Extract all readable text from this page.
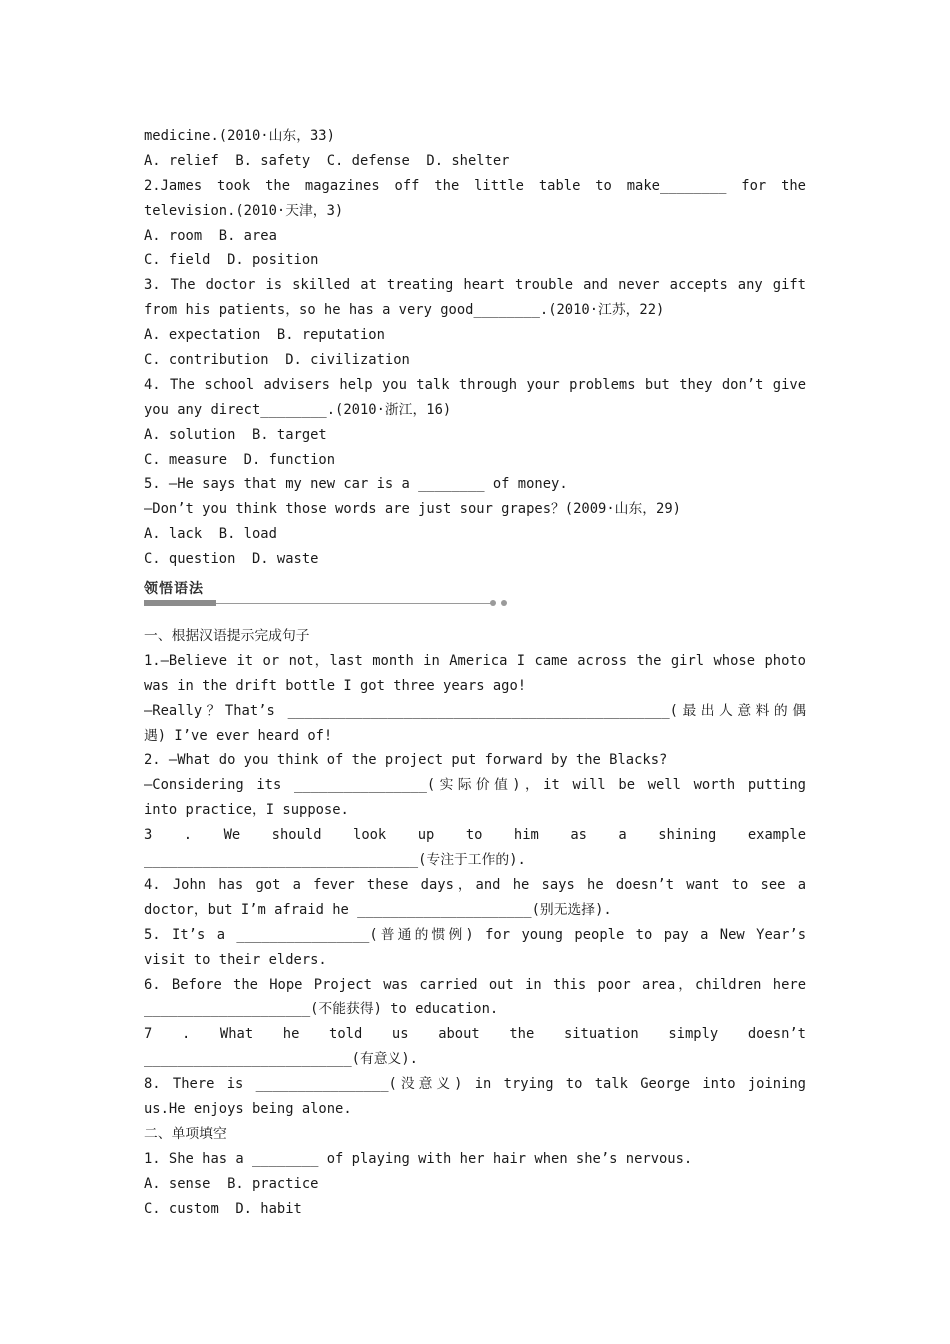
medicine.(2010·山东，33)
A. relief  B. safety  C. defense  D. shelter
2.James took the magazines off the little table to make________ for the
television.(2010·天津，3)
A. room  B. area
C. field  D. position
3. The doctor is skilled at treating heart trouble and never accepts any gift
from his patients，so he has a very good________.(2010·江苏，22)
A. expectation  B. reputation
C. contribution  D. civilization
4. The school advisers help you talk through your problems but they don’t give
you any direct________.(2010·浙江，16)
A. solution  B. target
C. measure  D. function
5. —He says that my new car is a ________ of money.
—Don’t you think those words are just sour grapes？(2009·山东，29)
A. lack  B. load
C. question  D. waste
领悟语法
一、根据汉语提示完成句子
1.—Believe it or not，last month in America I came across the girl whose photo
was in the drift bottle I got three years ago!
—Really？That’s ______________________________________________(最出人意料的偶
遇) I’ve ever heard of!
2. —What do you think of the project put forward by the Blacks?
—Considering its ________________(实际价值)，it will be well worth putting
into practice，I suppose.
3 . We should look up to him as a shining example
_________________________________(专注于工作的).
4. John has got a fever these days，and he says he doesn’t want to see a
doctor，but I’m afraid he _____________________(别无选择).
5. It’s a ________________(普通的惯例) for young people to pay a New Year’s
visit to their elders.
6. Before the Hope Project was carried out in this poor area，children here
____________________(不能获得) to education.
7 . What he told us about the situation simply doesn’t
_________________________(有意义).
8. There is ________________(没意义) in trying to talk George into joining
us.He enjoys being alone.
二、单项填空
1. She has a ________ of playing with her hair when she’s nervous.
A. sense  B. practice
C. custom  D. habit
